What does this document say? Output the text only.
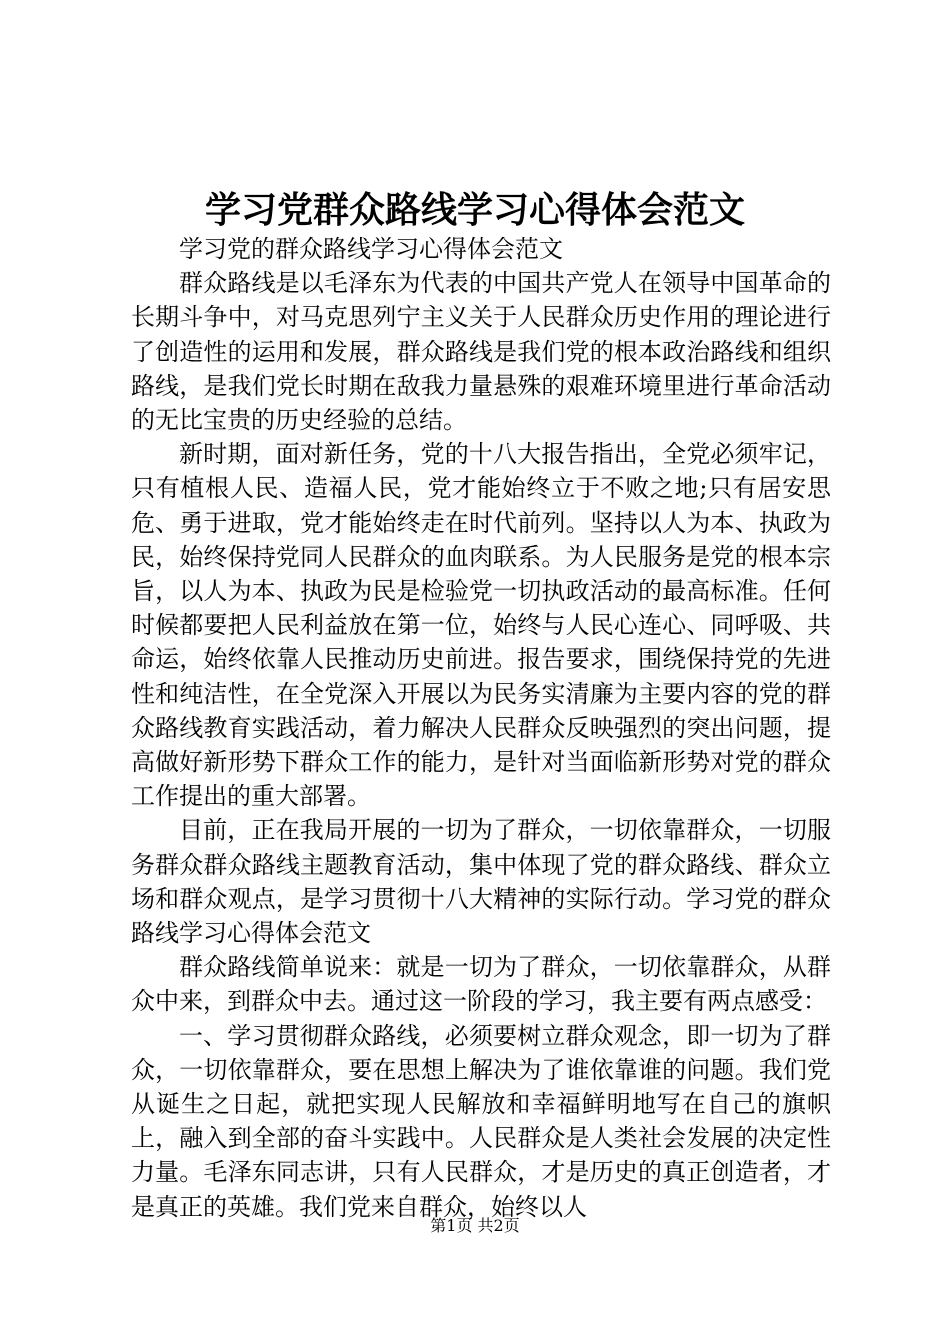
学习党群众路线学习心得体会范文

学习党的群众路线学习心得体会范文

群众路线是以毛泽东为代表的中国共产党人在领导中国革命的长期斗争中，对马克思列宁主义关于人民群众历史作用的理论进行了创造性的运用和发展，群众路线是我们党的根本政治路线和组织路线，是我们党长时期在敌我力量悬殊的艰难环境里进行革命活动的无比宝贵的历史经验的总结。

新时期，面对新任务，党的十八大报告指出，全党必须牢记，只有植根人民、造福人民，党才能始终立于不败之地;只有居安思危、勇于进取，党才能始终走在时代前列。坚持以人为本、执政为民，始终保持党同人民群众的血肉联系。为人民服务是党的根本宗旨，以人为本、执政为民是检验党一切执政活动的最高标准。任何时候都要把人民利益放在第一位，始终与人民心连心、同呼吸、共命运，始终依靠人民推动历史前进。报告要求，围绕保持党的先进性和纯洁性，在全党深入开展以为民务实清廉为主要内容的党的群众路线教育实践活动，着力解决人民群众反映强烈的突出问题，提高做好新形势下群众工作的能力，是针对当面临新形势对党的群众工作提出的重大部署。

目前，正在我局开展的一切为了群众，一切依靠群众，一切服务群众群众路线主题教育活动，集中体现了党的群众路线、群众立场和群众观点，是学习贯彻十八大精神的实际行动。学习党的群众路线学习心得体会范文

群众路线简单说来：就是一切为了群众，一切依靠群众，从群众中来，到群众中去。通过这一阶段的学习，我主要有两点感受：

一、学习贯彻群众路线，必须要树立群众观念，即一切为了群众，一切依靠群众，要在思想上解决为了谁依靠谁的问题。我们党从诞生之日起，就把实现人民解放和幸福鲜明地写在自己的旗帜上，融入到全部的奋斗实践中。人民群众是人类社会发展的决定性力量。毛泽东同志讲，只有人民群众，才是历史的真正创造者，才是真正的英雄。我们党来自群众，始终以人

第1页 共2页
